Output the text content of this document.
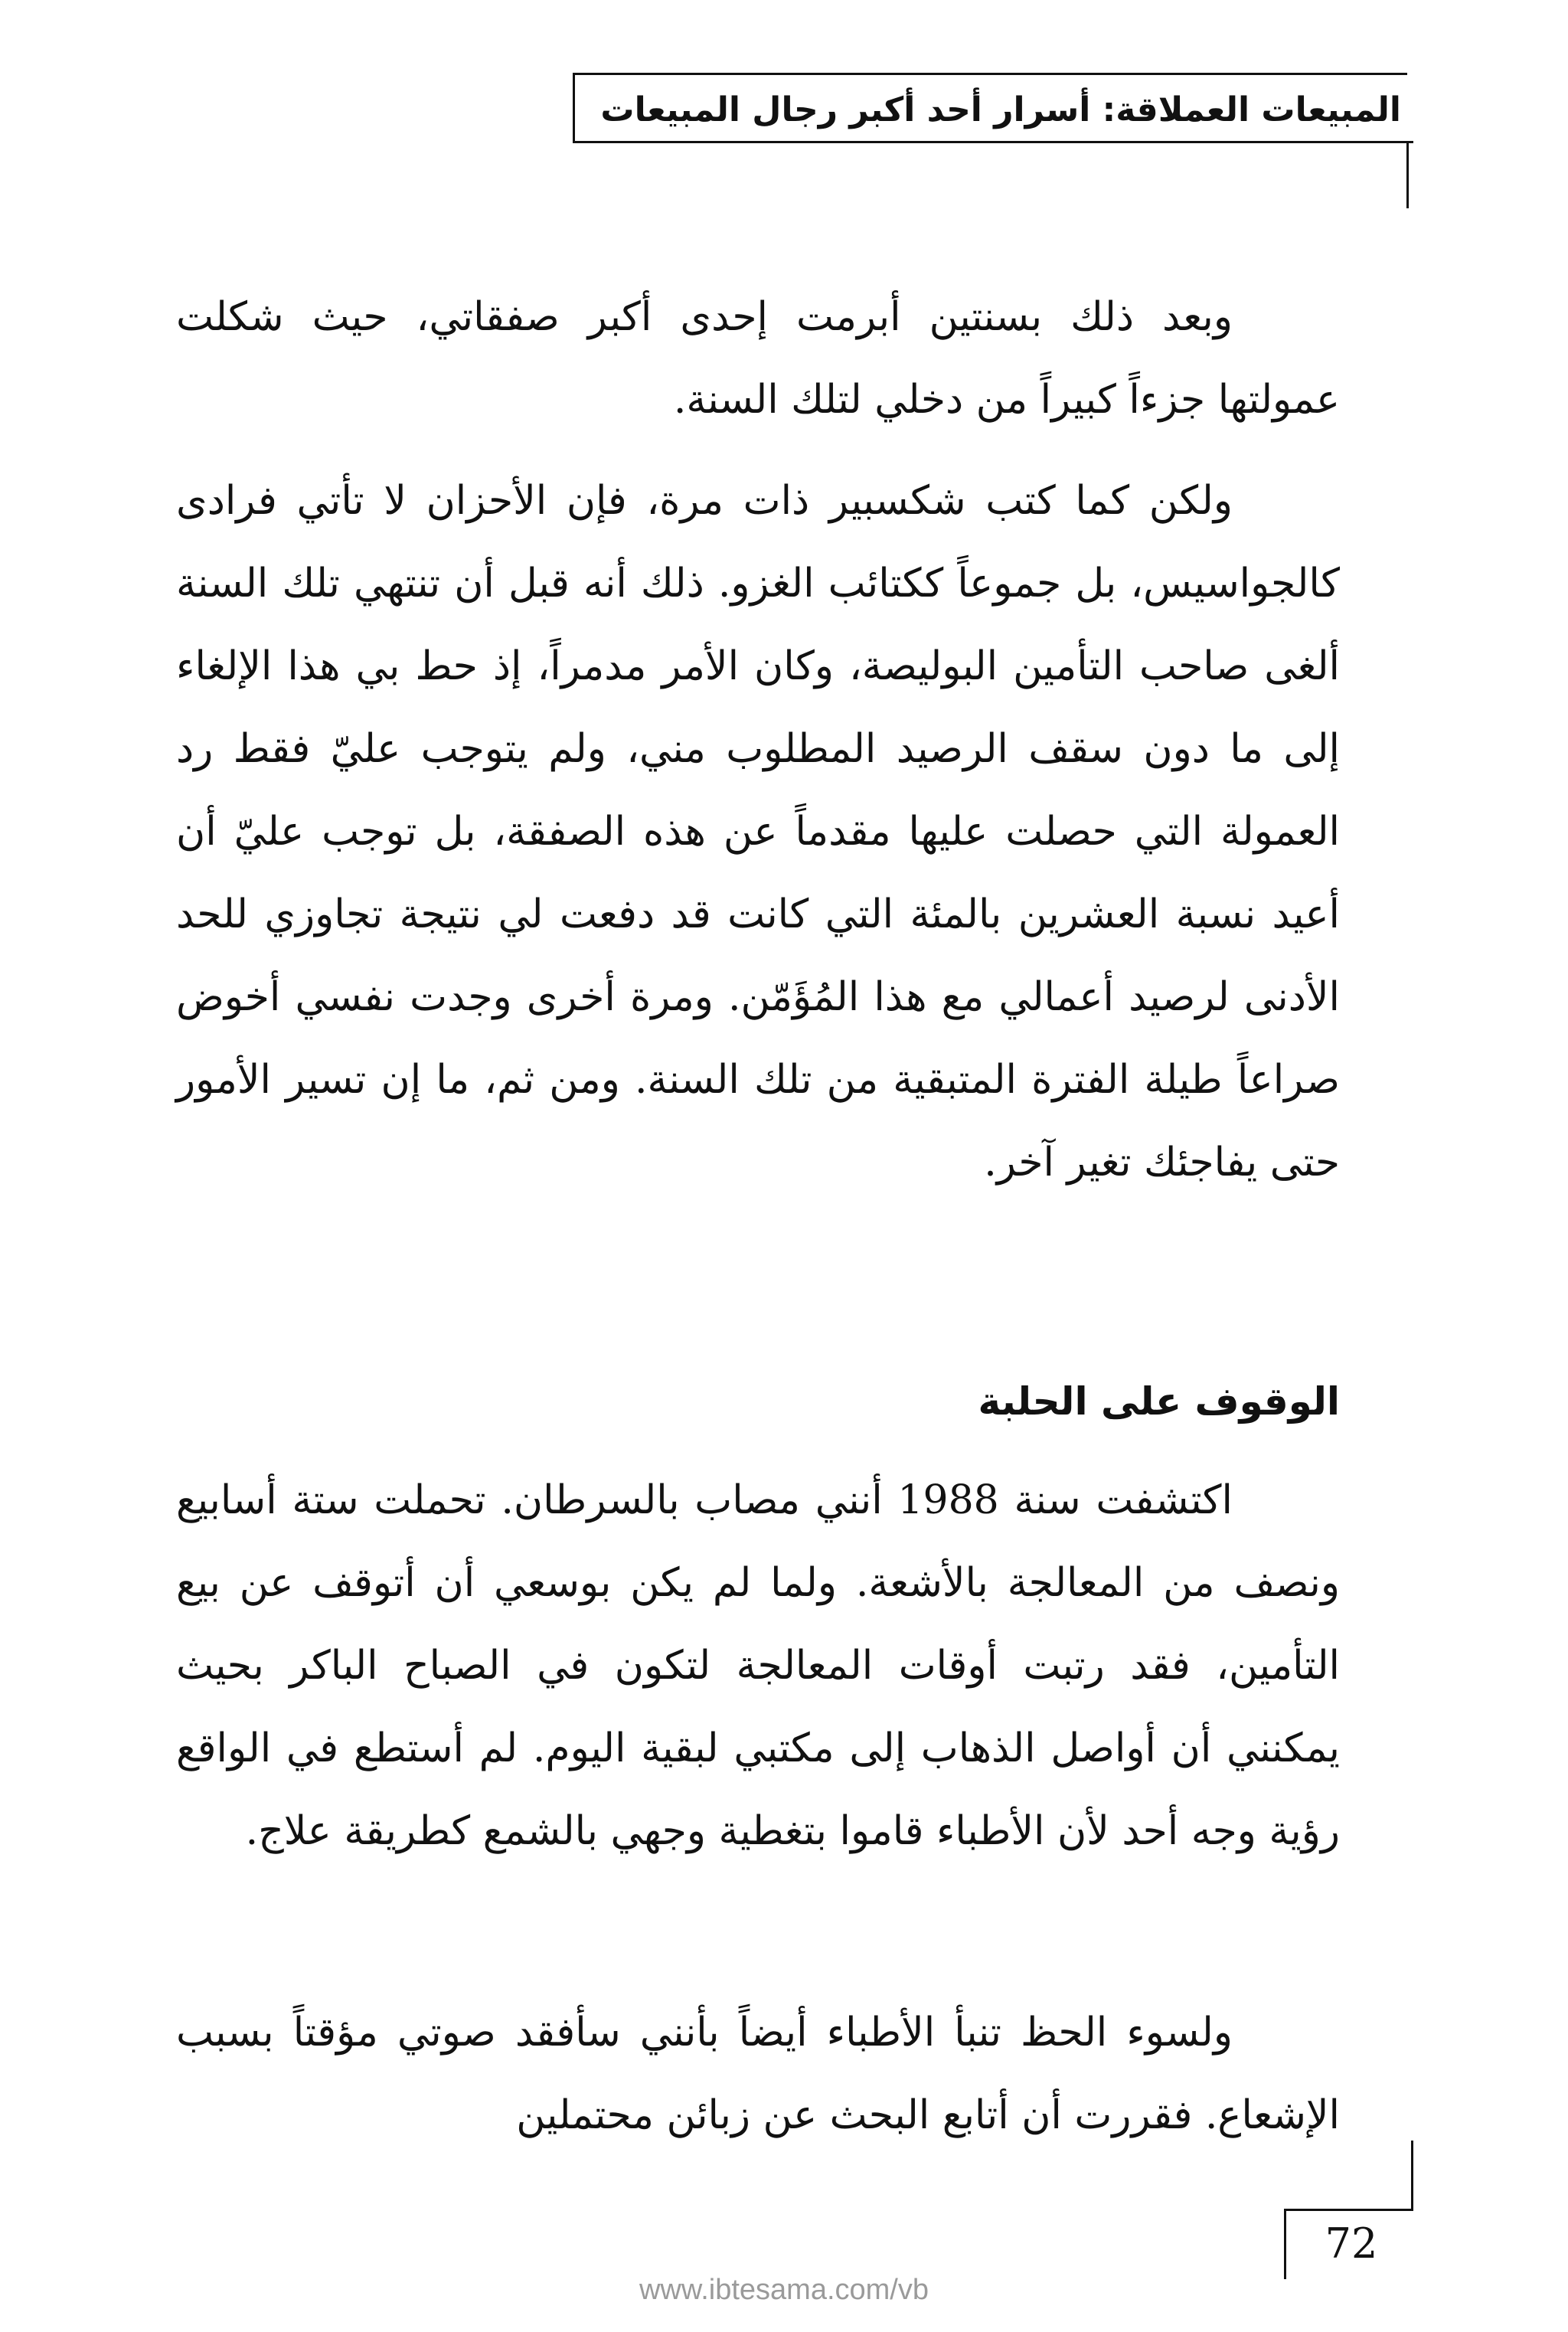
المبيعات العملاقة: أسرار أحد أكبر رجال المبيعات

وبعد ذلك بسنتين أبرمت إحدى أكبر صفقاتي، حيث شكلت عمولتها جزءاً كبيراً من دخلي لتلك السنة.

ولكن كما كتب شكسبير ذات مرة، فإن الأحزان لا تأتي فرادى كالجواسيس، بل جموعاً ككتائب الغزو. ذلك أنه قبل أن تنتهي تلك السنة ألغى صاحب التأمين البوليصة، وكان الأمر مدمراً، إذ حط بي هذا الإلغاء إلى ما دون سقف الرصيد المطلوب مني، ولم يتوجب عليّ فقط رد العمولة التي حصلت عليها مقدماً عن هذه الصفقة، بل توجب عليّ أن أعيد نسبة العشرين بالمئة التي كانت قد دفعت لي نتيجة تجاوزي للحد الأدنى لرصيد أعمالي مع هذا المُؤَمّن. ومرة أخرى وجدت نفسي أخوض صراعاً طيلة الفترة المتبقية من تلك السنة. ومن ثم، ما إن تسير الأمور حتى يفاجئك تغير آخر.

الوقوف على الحلبة

اكتشفت سنة 1988 أنني مصاب بالسرطان. تحملت ستة أسابيع ونصف من المعالجة بالأشعة. ولما لم يكن بوسعي أن أتوقف عن بيع التأمين، فقد رتبت أوقات المعالجة لتكون في الصباح الباكر بحيث يمكنني أن أواصل الذهاب إلى مكتبي لبقية اليوم. لم أستطع في الواقع رؤية وجه أحد لأن الأطباء قاموا بتغطية وجهي بالشمع كطريقة علاج.

ولسوء الحظ تنبأ الأطباء أيضاً بأنني سأفقد صوتي مؤقتاً بسبب الإشعاع. فقررت أن أتابع البحث عن زبائن محتملين

72
www.ibtesama.com/vb
